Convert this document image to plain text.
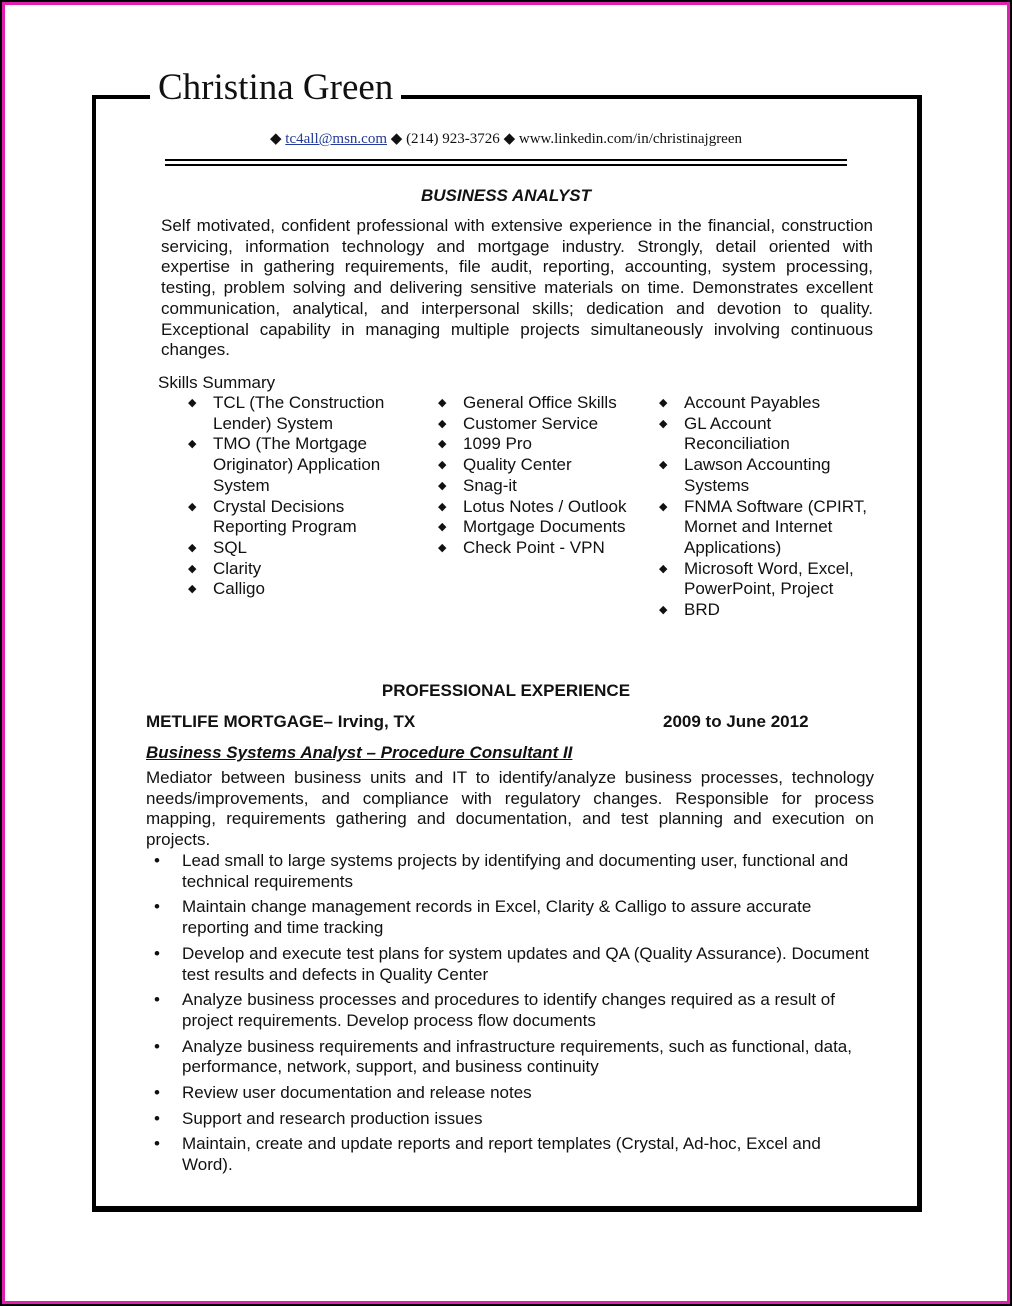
Christina Green
◆ tc4all@msn.com ◆ (214) 923-3726 ◆ www.linkedin.com/in/christinajgreen
BUSINESS ANALYST
Self motivated, confident professional with extensive experience in the financial, construction servicing, information technology and mortgage industry. Strongly, detail oriented with expertise in gathering requirements, file audit, reporting, accounting, system processing, testing, problem solving and delivering sensitive materials on time. Demonstrates excellent communication, analytical, and interpersonal skills; dedication and devotion to quality. Exceptional capability in managing multiple projects simultaneously involving continuous changes.
Skills Summary
◆ TCL (The Construction Lender) System
◆ TMO (The Mortgage Originator) Application System
◆ Crystal Decisions Reporting Program
◆ SQL
◆ Clarity
◆ Calligo
◆ General Office Skills
◆ Customer Service
◆ 1099 Pro
◆ Quality Center
◆ Snag-it
◆ Lotus Notes / Outlook
◆ Mortgage Documents
◆ Check Point - VPN
◆ Account Payables
◆ GL Account Reconciliation
◆ Lawson Accounting Systems
◆ FNMA Software (CPIRT, Mornet and Internet Applications)
◆ Microsoft Word, Excel, PowerPoint, Project
◆ BRD
PROFESSIONAL EXPERIENCE
METLIFE MORTGAGE– Irving, TX	2009 to June 2012
Business Systems Analyst – Procedure Consultant II
Mediator between business units and IT to identify/analyze business processes, technology needs/improvements, and compliance with regulatory changes. Responsible for process mapping, requirements gathering and documentation, and test planning and execution on projects.
• Lead small to large systems projects by identifying and documenting user, functional and technical requirements
• Maintain change management records in Excel, Clarity & Calligo to assure accurate reporting and time tracking
• Develop and execute test plans for system updates and QA (Quality Assurance). Document test results and defects in Quality Center
• Analyze business processes and procedures to identify changes required as a result of project requirements. Develop process flow documents
• Analyze business requirements and infrastructure requirements, such as functional, data, performance, network, support, and business continuity
• Review user documentation and release notes
• Support and research production issues
• Maintain, create and update reports and report templates (Crystal, Ad-hoc, Excel and Word).
